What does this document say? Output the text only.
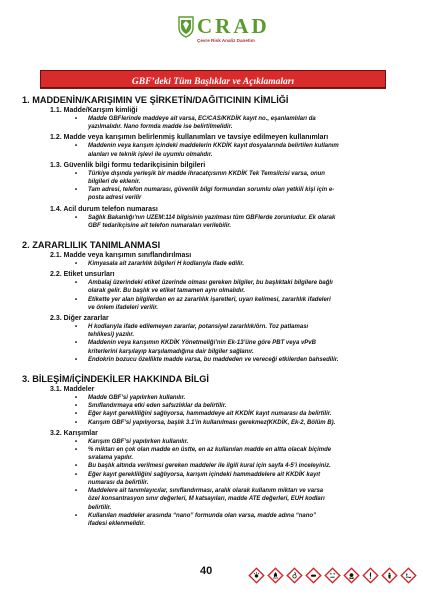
CRAD
Çevre Risk Analiz Danetim
GBF’deki Tüm Başlıklar ve Açıklamaları
1. MADDENİN/KARIŞIMIN VE ŞİRKETİN/DAĞITICININ KİMLİĞİ
1.1. Madde/Karışım kimliği
• Madde GBFlerinde maddeye ait varsa, EC/CAS/KKDİK kayıt no., eşanlamlıları da
yazılmalıdır. Nano formda madde ise belirtilmelidir.
1.2. Madde veya karışımın belirlenmiş kullanımları ve tavsiye edilmeyen kullanımları
• Maddenin veya karışım içindeki maddelerin KKDİK kayıt dosyalarında belirtilen kullanım
alanları ve teknik işlevi ile uyumlu olmalıdır.
1.3. Güvenlik bilgi formu tedarikçisinin bilgileri
• Türkiye dışında yerleşik bir madde ihracatçısının KKDİK Tek Temsilcisi varsa, onun
bilgileri de eklenir.
• Tam adresi, telefon numarası, güvenlik bilgi formundan sorumlu olan yetkili kişi için e-
posta adresi verilir
1.4. Acil durum telefon numarası
• Sağlık Bakanlığı’nın UZEM:114 bilgisinin yazılması tüm GBFlerde zorunludur. Ek olarak
GBF tedarikçisine ait telefon numaraları verilebilir.
2. ZARARLILIK TANIMLANMASI
2.1. Madde veya karışımın sınıflandırılması
• Kimyasala ait zararlılık bilgileri H kodlarıyla ifade edilir.
2.2. Etiket unsurları
• Ambalaj üzerindeki etiket üzerinde olması gereken bilgiler, bu başlıktaki bilgilere bağlı
olarak gelir. Bu başlık ve etiket tamamen aynı olmalıdır.
• Etikette yer alan bilgilerden en az zararlılık işaretleri, uyarı kelimesi, zararlılık ifadeleri
ve önlem ifadeleri verilir.
2.3. Diğer zararlar
• H kodlarıyla ifade edilemeyen zararlar, potansiyel zararlılık/örn. Toz patlaması
tehlikesi) yazılır.
• Maddenin veya karışımın KKDİK Yönetmeliği’nin Ek-13’üne göre PBT veya vPvB
kriterlerini karşılayıp karşılamadığına dair bilgiler sağlanır.
• Endokrin bozucu özellikte madde varsa, bu maddeden ve vereceği etkilerden bahsedilir.
3. BİLEŞİM/İÇİNDEKİLER HAKKINDA BİLGİ
3.1. Maddeler
• Madde GBF’si yapılırken kullanılır.
• Sınıflandırmaya etki eden safsızlıklar da belirtilir.
• Eğer kayıt gerekliliğini sağlıyorsa, hammaddeye ait KKDİK kayıt numarası da belirtilir.
• Karışım GBF’si yapılıyorsa, başlık 3.1’in kullanılması gerekmez(KKDİK, Ek-2, Bölüm B).
3.2. Karışımlar
• Karışım GBF’si yapılırken kullanılır.
• % miktarı en çok olan madde en üstte, en az kullanılan madde en altta olacak biçimde
sıralama yapılır.
• Bu başlık altında verilmesi gereken maddeler ile ilgili kural için sayfa 4-5’i inceleyiniz.
• Eğer kayıt gerekliliğini sağlıyorsa, karışım içindeki hammaddelere ait KKDİK kayıt
numarası da belirtilir.
• Maddelere ait tanımlayıcılar, sınıflandırması, aralık olarak kullanım miktarı ve varsa
özel konsantrasyon sınır değerleri, M katsayıları, madde ATE değerleri, EUH kodları
belirtilir.
• Kullanılan maddeler arasında “nano” formunda olan varsa, madde adına “nano”
ifadesi eklenmelidir.
40
